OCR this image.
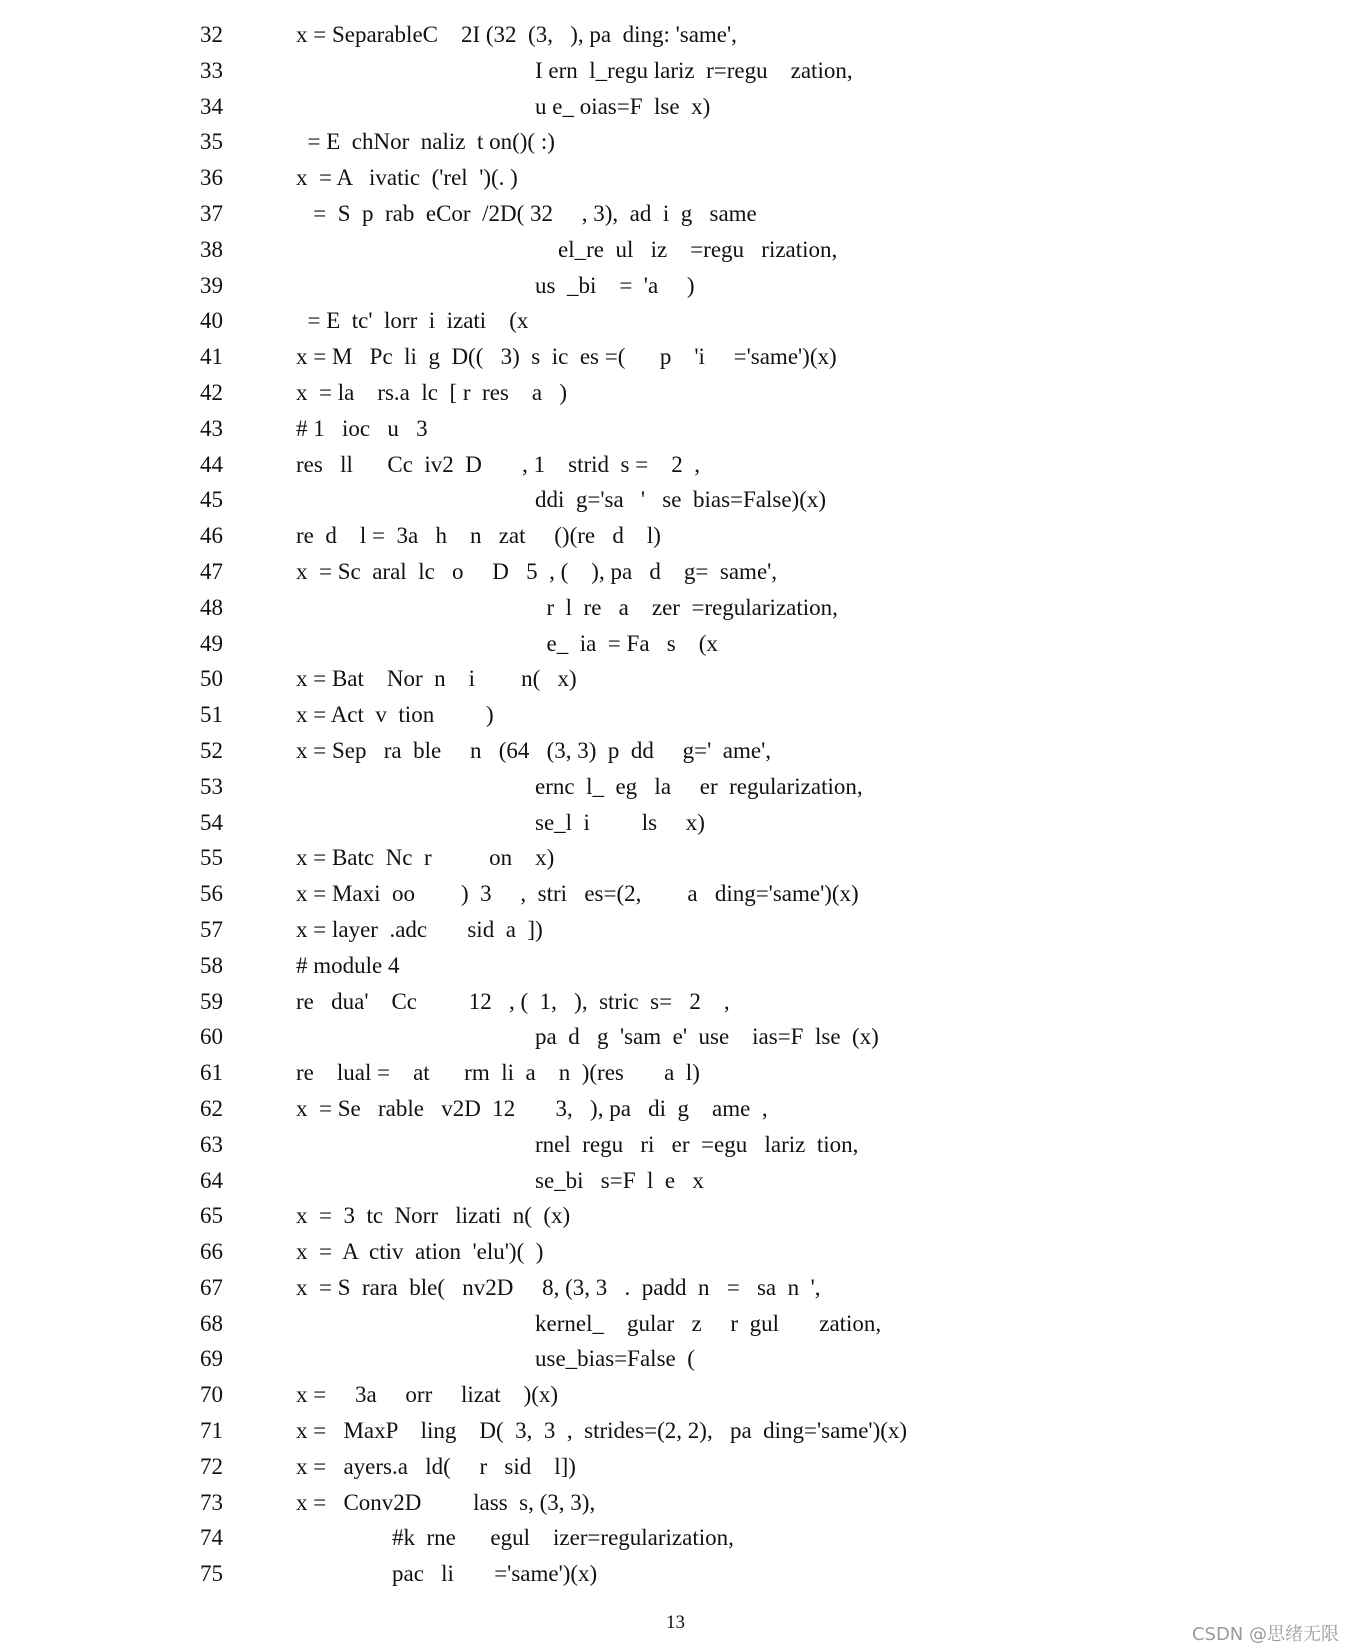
32	x = SeparableC    2I (32  (3,   ), pa  ding: 'same',
33	I ern  l_regu lariz  r=regu    zation,
34	u e_ oias=F  lse  x)
35	= E  chNor  naliz  t on()( :)
36	x  = A   ivatic  ('rel  ')(. )
37	=  S  p  rab  eCor  /2D( 32     , 3),  ad  i  g   same
38	el_re  ul   iz    =regu   rization,
39	us  _bi    =  'a     )
40	= E  tc'  lorr  i  izati    (x
41	x = M   Pc  li  g  D((   3)  s  ic  es =(      p    'i     ='same')(x)
42	x  = la    rs.a  lc  [ r  res    a   )
43	# 1   ioc   u   3
44	res   ll      Cc  iv2  D       , 1    strid  s =    2  ,
45	ddi  g='sa   '   se  bias=False)(x)
46	re  d    l =  3a   h    n   zat     ()(re   d    l)
47	x  = Sc  aral  lc   o     D   5  , (    ), pa   d    g=  same',
48	r  l  re   a    zer  =regularization,
49	e_  ia  = Fa   s    (x
50	x = Bat    Nor  n    i        n(   x)
51	x = Act  v  tion         )
52	x = Sep   ra  ble     n   (64   (3, 3)  p  dd     g='  ame',
53	ernc  l_  eg   la     er  regularization,
54	se_l  i         ls     x)
55	x = Batc  Nc  r          on    x)
56	x = Maxi  oo        )  3     ,  stri   es=(2,        a   ding='same')(x)
57	x = layer  .adc       sid  a  ])
58	# module 4
59	re   dua'    Cc         12   , (  1,   ),  stric  s=   2    ,
60	pa  d   g  'sam  e'  use    ias=F  lse  (x)
61	re    lual =    at      rm  li  a    n  )(res       a  l)
62	x  = Se   rable   v2D  12       3,   ), pa   di  g    ame  ,
63	rnel  regu   ri   er  =egu   lariz  tion,
64	se_bi   s=F  l  e   x
65	x  =  3  tc  Norr   lizati  n(  (x)
66	x  =  A  ctiv  ation  'elu')(  )
67	x  = S  rara  ble(   nv2D     8, (3, 3   .  padd  n   =   sa  n  ',
68	kernel_    gular   z     r  gul       zation,
69	use_bias=False  (
70	x =     3a     orr     lizat    )(x)
71	x =   MaxP    ling    D(  3,  3  ,  strides=(2, 2),   pa  ding='same')(x)
72	x =   ayers.a   ld(     r   sid    l])
73	x =   Conv2D         lass  s, (3, 3),
74	#k  rne      egul    izer=regularization,
75	pac   li       ='same')(x)
13
CSDN @思绪无限
